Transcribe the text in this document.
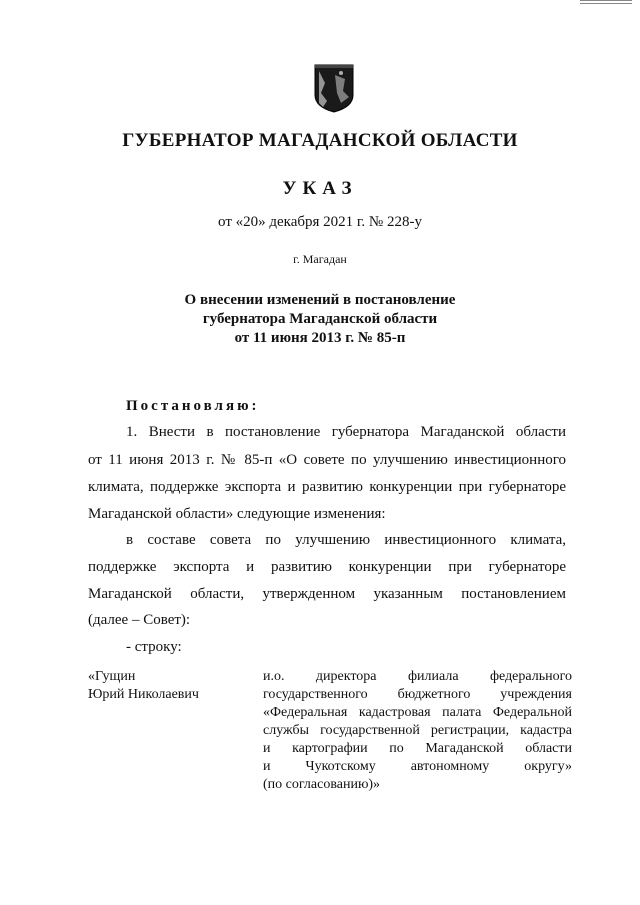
ГУБЕРНАТОР МАГАДАНСКОЙ ОБЛАСТИ
УКАЗ
от «20» декабря 2021 г. № 228-у
г. Магадан
О внесении изменений в постановление
губернатора Магаданской области
от 11 июня 2013 г. № 85-п
Постановляю:
1. Внести в постановление губернатора Магаданской области
от 11 июня 2013 г. № 85-п «О совете по улучшению инвестиционного
климата, поддержке экспорта и развитию конкуренции при губернаторе
Магаданской области» следующие изменения:
в составе совета по улучшению инвестиционного климата,
поддержке экспорта и развитию конкуренции при губернаторе
Магаданской области, утвержденном указанным постановлением
(далее – Совет):
- строку:
«Гущин
Юрий Николаевич
и.о. директора филиала федерального
государственного бюджетного учреждения
«Федеральная кадастровая палата Федеральной
службы государственной регистрации, кадастра
и картографии по Магаданской области
и Чукотскому автономному округу»
(по согласованию)»
